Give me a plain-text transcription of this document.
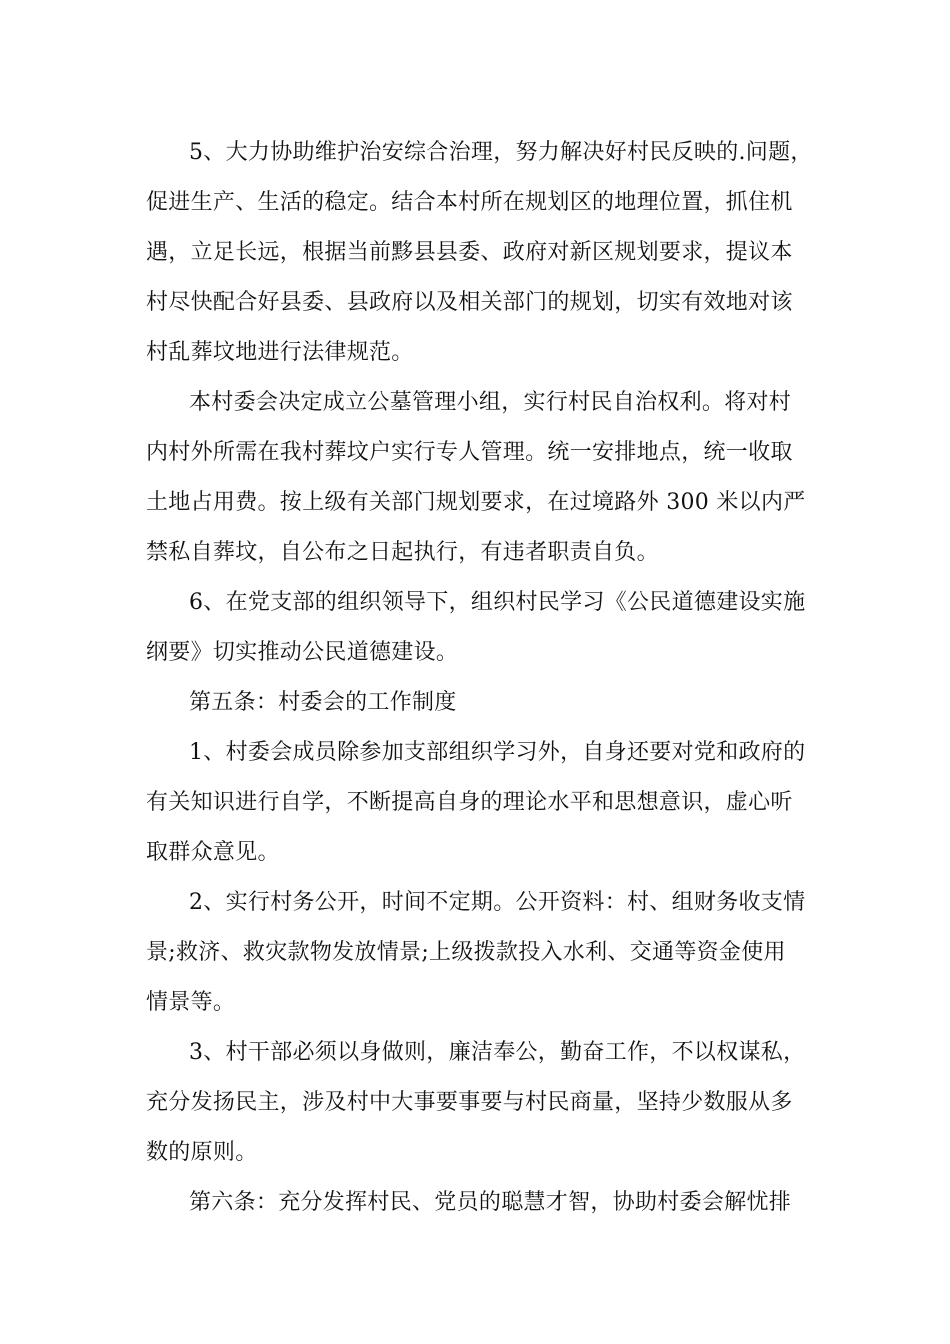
5、大力协助维护治安综合治理，努力解决好村民反映的.问题，
促进生产、生活的稳定。结合本村所在规划区的地理位置，抓住机
遇，立足长远，根据当前黟县县委、政府对新区规划要求，提议本
村尽快配合好县委、县政府以及相关部门的规划，切实有效地对该
村乱葬坟地进行法律规范。
本村委会决定成立公墓管理小组，实行村民自治权利。将对村
内村外所需在我村葬坟户实行专人管理。统一安排地点，统一收取
土地占用费。按上级有关部门规划要求，在过境路外 300 米以内严
禁私自葬坟，自公布之日起执行，有违者职责自负。
6、在党支部的组织领导下，组织村民学习《公民道德建设实施
纲要》切实推动公民道德建设。
第五条：村委会的工作制度
1、村委会成员除参加支部组织学习外，自身还要对党和政府的
有关知识进行自学，不断提高自身的理论水平和思想意识，虚心听
取群众意见。
2、实行村务公开，时间不定期。公开资料：村、组财务收支情
景;救济、救灾款物发放情景;上级拨款投入水利、交通等资金使用
情景等。
3、村干部必须以身做则，廉洁奉公，勤奋工作，不以权谋私，
充分发扬民主，涉及村中大事要事要与村民商量，坚持少数服从多
数的原则。
第六条：充分发挥村民、党员的聪慧才智，协助村委会解忧排
